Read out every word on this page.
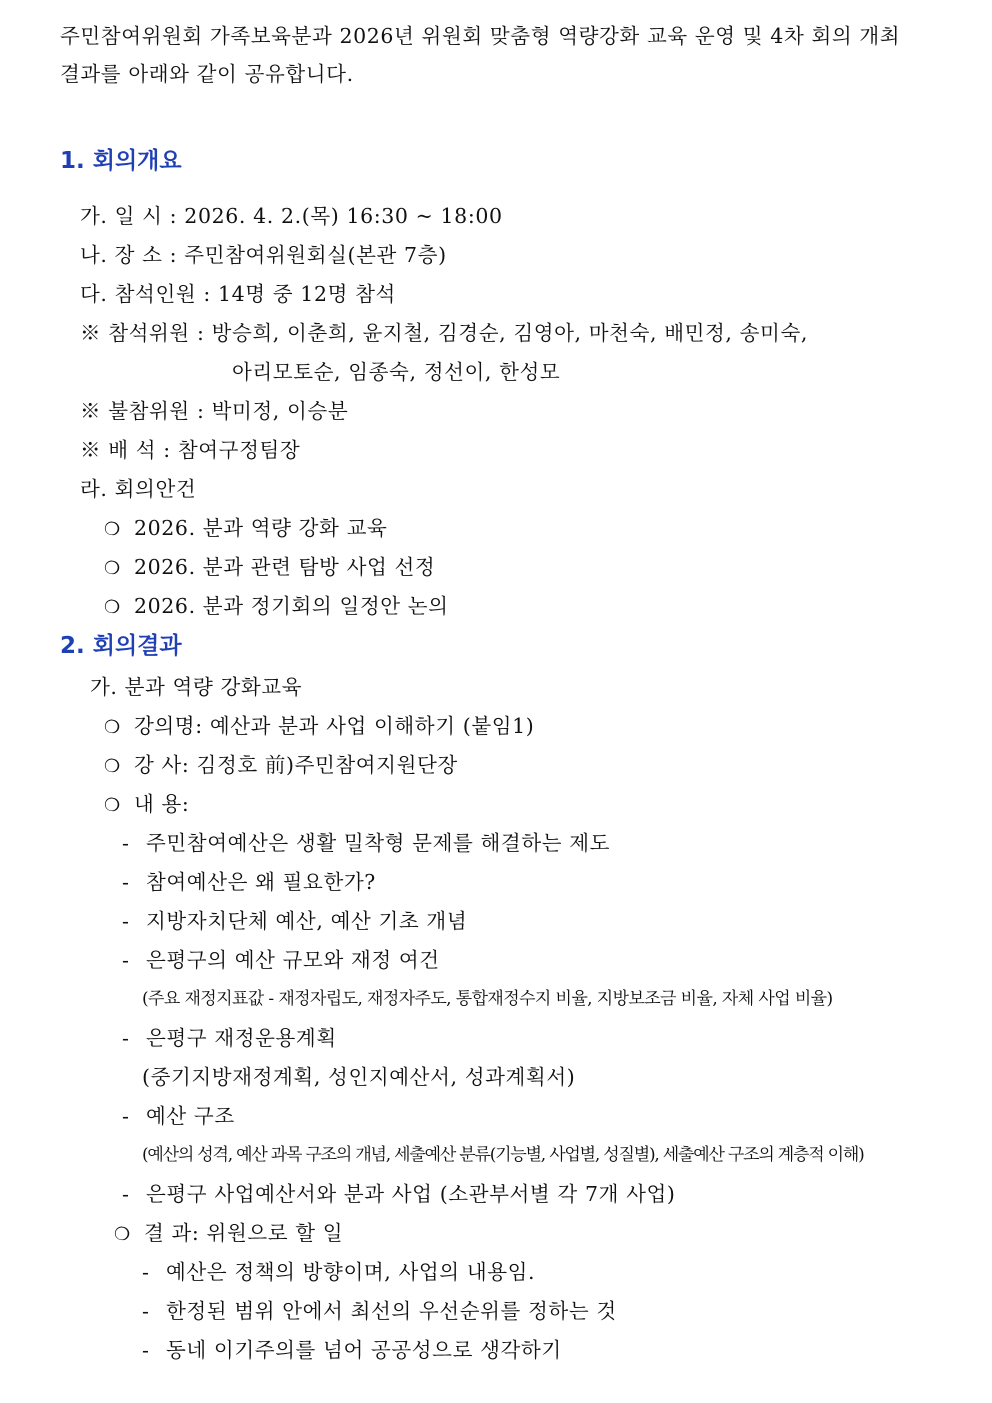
주민참여위원회 가족보육분과 2026년 위원회 맞춤형 역량강화 교육 운영 및 4차 회의 개최
결과를 아래와 같이 공유합니다.
1. 회의개요
가. 일 시 : 2026. 4. 2.(목) 16:30 ~ 18:00
나. 장 소 : 주민참여위원회실(본관 7층)
다. 참석인원 : 14명 중 12명 참석
※ 참석위원 : 방승희, 이춘희, 윤지철, 김경순, 김영아, 마천숙, 배민정, 송미숙,
아리모토순, 임종숙, 정선이, 한성모
※ 불참위원 : 박미정, 이승분
※ 배 석 : 참여구정팀장
라. 회의안건
❍ 2026. 분과 역량 강화 교육
❍ 2026. 분과 관련 탐방 사업 선정
❍ 2026. 분과 정기회의 일정안 논의
2. 회의결과
가. 분과 역량 강화교육
❍ 강의명: 예산과 분과 사업 이해하기 (붙임1)
❍ 강 사: 김정호 前)주민참여지원단장
❍ 내 용:
- 주민참여예산은 생활 밀착형 문제를 해결하는 제도
- 참여예산은 왜 필요한가?
- 지방자치단체 예산, 예산 기초 개념
- 은평구의 예산 규모와 재정 여건
(주요 재정지표값 - 재정자립도, 재정자주도, 통합재정수지 비율, 지방보조금 비율, 자체 사업 비율)
- 은평구 재정운용계획
(중기지방재정계획, 성인지예산서, 성과계획서)
- 예산 구조
(예산의 성격, 예산 과목 구조의 개념, 세출예산 분류(기능별, 사업별, 성질별), 세출예산 구조의 계층적 이해)
- 은평구 사업예산서와 분과 사업 (소관부서별 각 7개 사업)
❍ 결 과: 위원으로 할 일
- 예산은 정책의 방향이며, 사업의 내용임.
- 한정된 범위 안에서 최선의 우선순위를 정하는 것
- 동네 이기주의를 넘어 공공성으로 생각하기
